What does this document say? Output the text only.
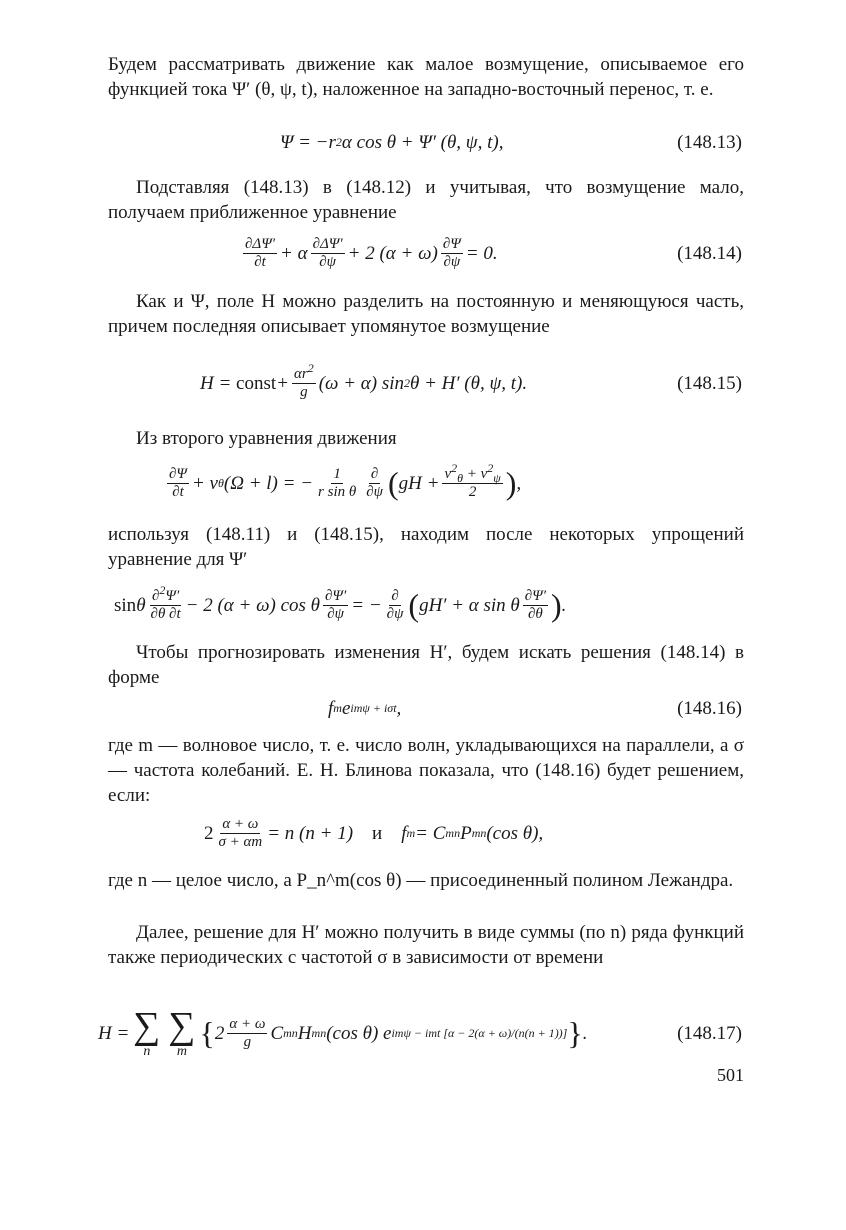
Будем рассматривать движение как малое возмущение, описываемое его функцией тока Ψ′ (θ, ψ, t), наложенное на западно-восточный перенос, т. е.

Ψ = −r 2 α cos θ + Ψ′ (θ, ψ, t),	(148.13)

Подставляя (148.13) в (148.12) и учитывая, что возмущение мало, получаем приближенное уравнение

$\frac{\partial\Delta\Psi'}{\partial t} + \alpha \frac{\partial\Delta\Psi'}{\partial\psi} + 2$ $(\alpha + \omega) \frac{\partial\Psi}{\partial\psi} = 0$.	(148.14)

Как и Ψ, поле H можно разделить на постоянную и меняющуюся часть, причем последняя описывает упомянутое возмущение

H = const + $\frac{\alpha r^2}{g} (\omega + \alpha)$ sin 2 θ + H′ (θ, ψ, t).	(148.15)

Из второго уравнения движения

$\frac{\partial\Psi}{\partial t} + v$ θ (Ω + l) = − $\frac{1}{\text{r sin θ}} \frac{\partial}{\partial\psi}$ ( gH + $\frac{v^2_\theta + v^2_\psi}{2}$ ) ,

используя (148.11) и (148.15), находим после некоторых упрощений уравнение для Ψ′

sin θ $\frac{\partial^2\Psi'}{\partial\theta \partial t} - 2$ (α + ω) cos θ $\frac{\partial\Psi'}{\partial\psi}$ = − $\frac{\partial}{\partial\psi}$ ( gH′ + α sin θ $\frac{\partial\Psi'}{\partial\theta}$ ) .

Чтобы прогнозировать изменения H′, будем искать решения (148.14) в форме

f m e imψ + iσt ,	(148.16)

где m — волновое число, т. е. число волн, укладывающихся на параллели, а σ — частота колебаний. Е. Н. Блинова показала, что (148.16) будет решением, если:

$2 \frac{\alpha + \omega}{\sigma + \alpha m} = n$ (n + 1) и f m = C m n P m n (cos θ),

где n — целое число, а P_n^m(cos θ) — присоединенный полином Лежандра.

Далее, решение для H′ можно получить в виде суммы (по n) ряда функций также периодических с частотой σ в зависимости от времени

H = ∑
n
∑
m
{ $2 \frac{\alpha + \omega}{g}$ C m n H m n (cos θ) e imψ − imt [α − 2(α + ω)/(n(n + 1))] } .	(148.17)
501
